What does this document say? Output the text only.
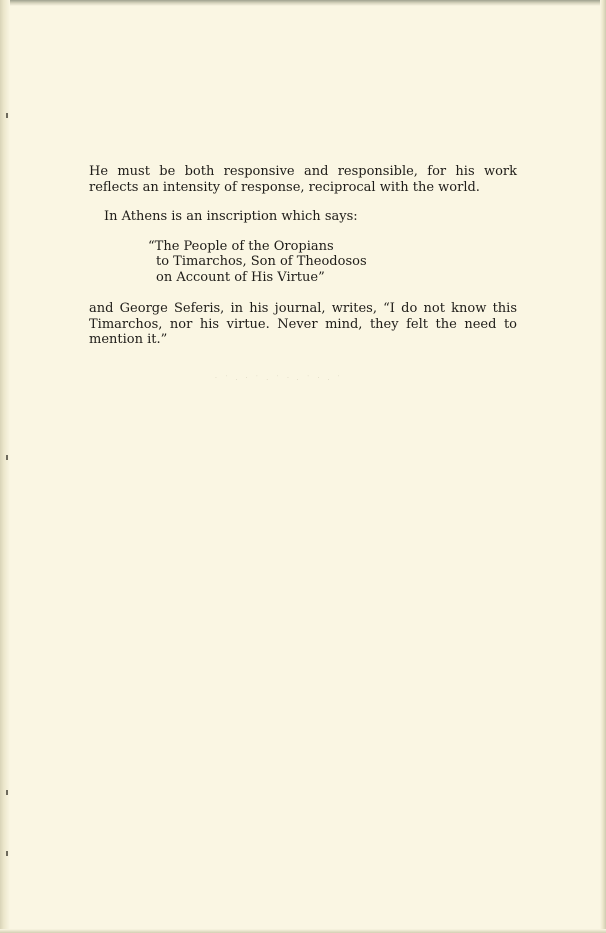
He must be both responsive and responsible, for his work reflects an intensity of response, reciprocal with the world.

In Athens is an inscription which says:

“The People of the Oropians
to Timarchos, Son of Theodosos
on Account of His Virtue”

and George Seferis, in his journal, writes, “I do not know this Timarchos, nor his virtue. Never mind, they felt the need to mention it.”

· ˙ . · ˙ . ˙ · . ˙ · . ˙
